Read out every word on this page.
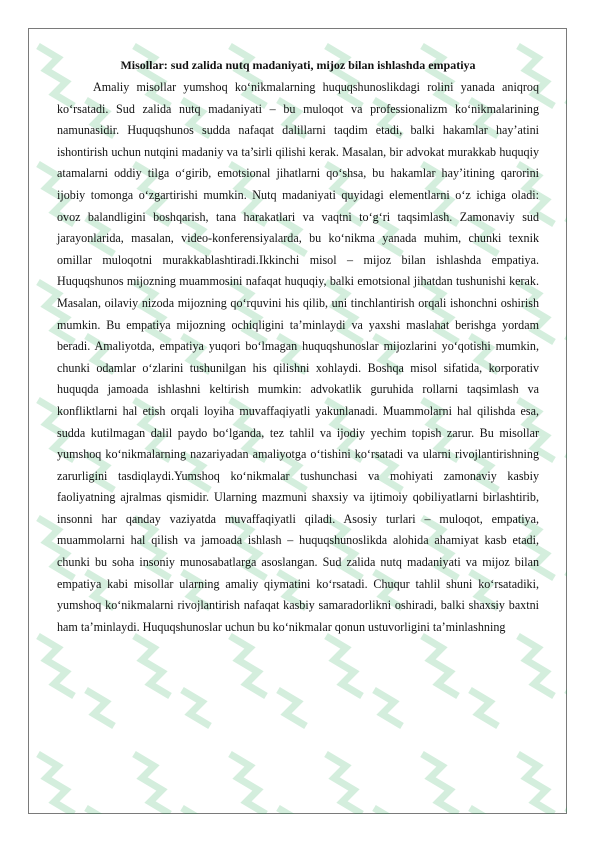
Misollar: sud zalida nutq madaniyati, mijoz bilan ishlashda empatiya

Amaliy misollar yumshoq ko‘nikmalarning huquqshunoslikdagi rolini yanada aniqroq ko‘rsatadi. Sud zalida nutq madaniyati – bu muloqot va professionalizm ko‘nikmalarining namunasidir. Huquqshunos sudda nafaqat dalillarni taqdim etadi, balki hakamlar hay’atini ishontirish uchun nutqini madaniy va ta’sirli qilishi kerak. Masalan, bir advokat murakkab huquqiy atamalarni oddiy tilga o‘girib, emotsional jihatlarni qo‘shsa, bu hakamlar hay’itining qarorini ijobiy tomonga o‘zgartirishi mumkin. Nutq madaniyati quyidagi elementlarni o‘z ichiga oladi: ovoz balandligini boshqarish, tana harakatlari va vaqtni to‘g‘ri taqsimlash. Zamonaviy sud jarayonlarida, masalan, video-konferensiyalarda, bu ko‘nikma yanada muhim, chunki texnik omillar muloqotni murakkablashtiradi.Ikkinchi misol – mijoz bilan ishlashda empatiya. Huquqshunos mijozning muammosini nafaqat huquqiy, balki emotsional jihatdan tushunishi kerak. Masalan, oilaviy nizoda mijozning qo‘rquvini his qilib, uni tinchlantirish orqali ishonchni oshirish mumkin. Bu empatiya mijozning ochiqligini ta’minlaydi va yaxshi maslahat berishga yordam beradi. Amaliyotda, empatiya yuqori bo‘lmagan huquqshunoslar mijozlarini yo‘qotishi mumkin, chunki odamlar o‘zlarini tushunilgan his qilishni xohlaydi. Boshqa misol sifatida, korporativ huquqda jamoada ishlashni keltirish mumkin: advokatlik guruhida rollarni taqsimlash va konfliktlarni hal etish orqali loyiha muvaffaqiyatli yakunlanadi. Muammolarni hal qilishda esa, sudda kutilmagan dalil paydo bo‘lganda, tez tahlil va ijodiy yechim topish zarur. Bu misollar yumshoq ko‘nikmalarning nazariyadan amaliyotga o‘tishini ko‘rsatadi va ularni rivojlantirishning zarurligini tasdiqlaydi.Yumshoq ko‘nikmalar tushunchasi va mohiyati zamonaviy kasbiy faoliyatning ajralmas qismidir. Ularning mazmuni shaxsiy va ijtimoiy qobiliyatlarni birlashtirib, insonni har qanday vaziyatda muvaffaqiyatli qiladi. Asosiy turlari – muloqot, empatiya, muammolarni hal qilish va jamoada ishlash – huquqshunoslikda alohida ahamiyat kasb etadi, chunki bu soha insoniy munosabatlarga asoslangan. Sud zalida nutq madaniyati va mijoz bilan empatiya kabi misollar ularning amaliy qiymatini ko‘rsatadi. Chuqur tahlil shuni ko‘rsatadiki, yumshoq ko‘nikmalarni rivojlantirish nafaqat kasbiy samaradorlikni oshiradi, balki shaxsiy baxtni ham ta’minlaydi. Huquqshunoslar uchun bu ko‘nikmalar qonun ustuvorligini ta’minlashning
